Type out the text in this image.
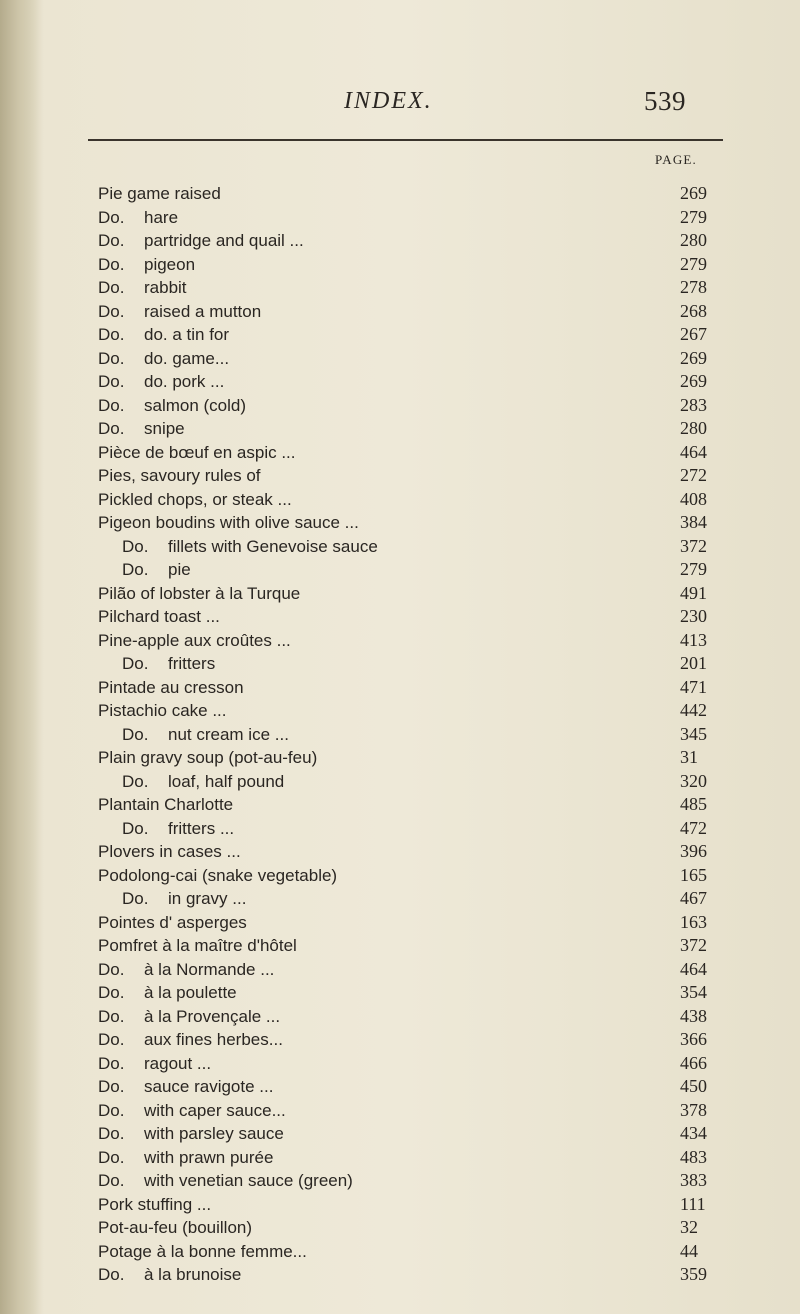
INDEX.	539
PAGE.
Pie game raised	269
Do. hare	279
Do. partridge and quail ...	280
Do. pigeon	279
Do. rabbit	278
Do. raised a mutton	268
Do. do. a tin for	267
Do. do. game...	269
Do. do. pork ...	269
Do. salmon (cold)	283
Do. snipe	280
Pièce de bœuf en aspic ...	464
Pies, savoury rules of	272
Pickled chops, or steak ...	408
Pigeon boudins with olive sauce ...	384
Do. fillets with Genevoise sauce	372
Do. pie	279
Pilão of lobster à la Turque	491
Pilchard toast ...	230
Pine-apple aux croûtes ...	413
Do. fritters	201
Pintade au cresson	471
Pistachio cake ...	442
Do. nut cream ice ...	345
Plain gravy soup (pot-au-feu)	31
Do. loaf, half pound	320
Plantain Charlotte	485
Do. fritters ...	472
Plovers in cases ...	396
Podolong-cai (snake vegetable)	165
Do. in gravy ...	467
Pointes d' asperges	163
Pomfret à la maître d'hôtel	372
Do. à la Normande ...	464
Do. à la poulette	354
Do. à la Provençale ...	438
Do. aux fines herbes...	366
Do. ragout ...	466
Do. sauce ravigote ...	450
Do. with caper sauce...	378
Do. with parsley sauce	434
Do. with prawn purée	483
Do. with venetian sauce (green)	383
Pork stuffing ...	111
Pot-au-feu (bouillon)	32
Potage à la bonne femme...	44
Do. à la brunoise	359
